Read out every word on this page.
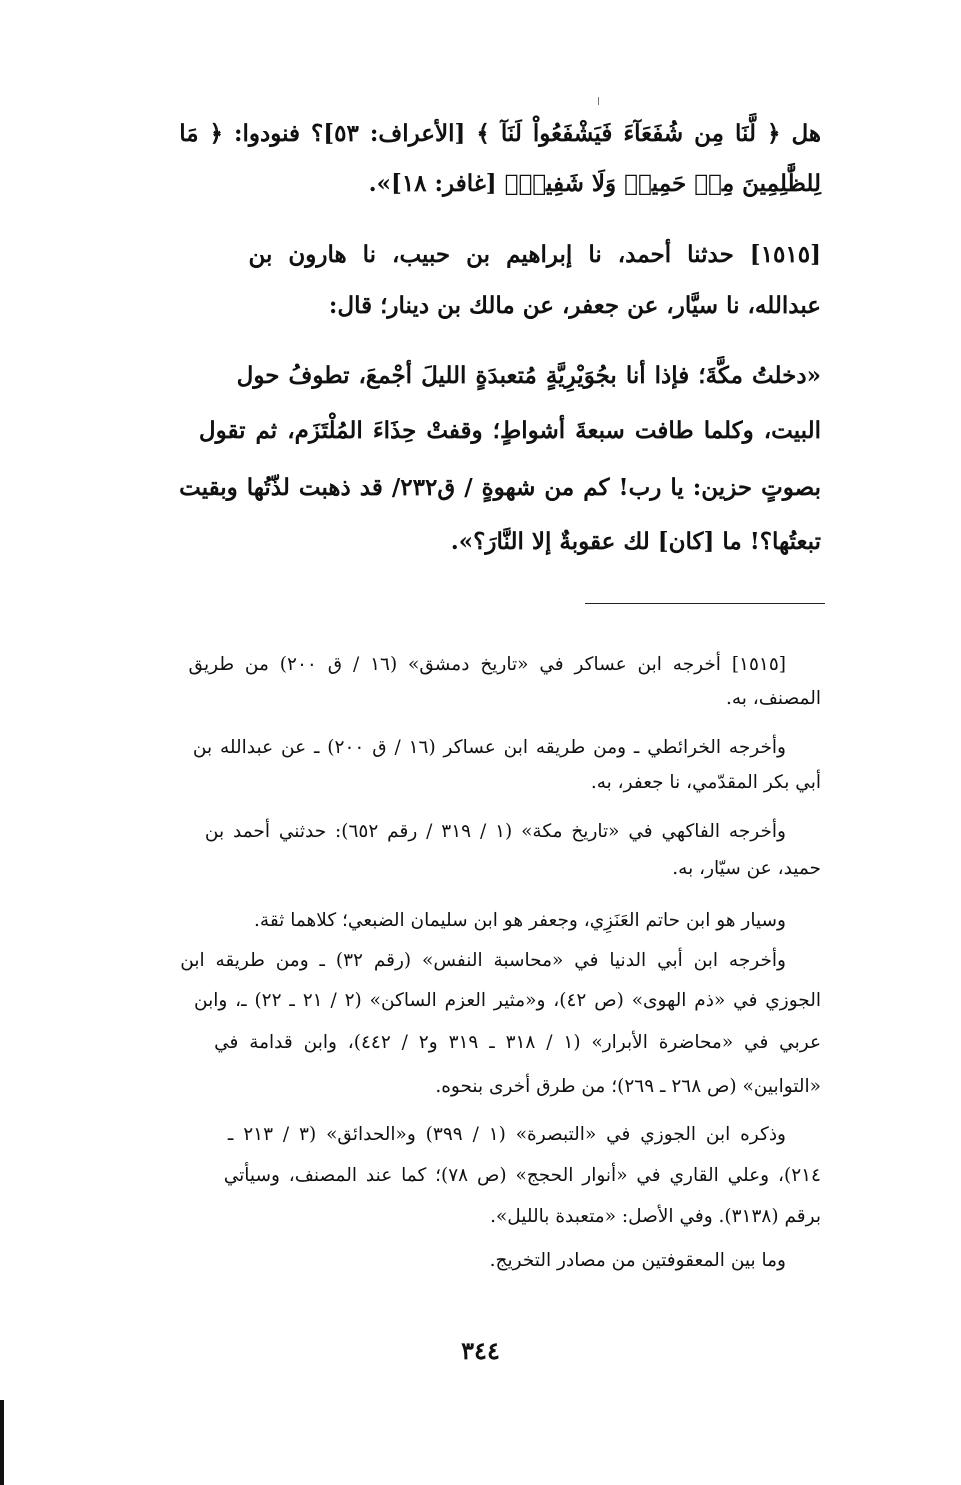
هل ﴿ لَّنَا مِن شُفَعَآءَ فَيَشْفَعُواْ لَنَآ ﴾ [الأعراف: ٥٣]؟ فنودوا: ﴿ مَا
لِلظَّٰلِمِينَ مِنۡ حَمِيمٖ وَلَا شَفِيعٖ﴾ [غافر: ١٨]».
[١٥١٥] حدثنا أحمد، نا إبراهيم بن حبيب، نا هارون بن
عبدالله، نا سيَّار، عن جعفر، عن مالك بن دينار؛ قال:
«دخلتُ مكَّةَ؛ فإذا أنا بجُوَيْرِيَّةٍ مُتعبدَةٍ الليلَ أجْمعَ، تطوفُ حول
البيت، وكلما طافت سبعةَ أشواطٍ؛ وقفتْ حِذَاءَ المُلْتَزَم، ثم تقول
بصوتٍ حزين: يا رب! كم من شهوةٍ / ق٢٣٢/ قد ذهبت لذّتُها وبقيت
تبعتُها؟! ما [كان] لك عقوبةٌ إلا النَّارَ؟».
[١٥١٥] أخرجه ابن عساكر في «تاريخ دمشق» (١٦ / ق ٢٠٠) من طريق
المصنف، به.
وأخرجه الخرائطي ـ ومن طريقه ابن عساكر (١٦ / ق ٢٠٠) ـ عن عبدالله بن
أبي بكر المقدّمي، نا جعفر، به.
وأخرجه الفاكهي في «تاريخ مكة» (١ / ٣١٩ / رقم ٦٥٢): حدثني أحمد بن
حميد، عن سيّار، به.
وسيار هو ابن حاتم العَنَزِي، وجعفر هو ابن سليمان الضبعي؛ كلاهما ثقة.
وأخرجه ابن أبي الدنيا في «محاسبة النفس» (رقم ٣٢) ـ ومن طريقه ابن
الجوزي في «ذم الهوى» (ص ٤٢)، و«مثير العزم الساكن» (٢ / ٢١ ـ ٢٢) ـ، وابن
عربي في «محاضرة الأبرار» (١ / ٣١٨ ـ ٣١٩ و٢ / ٤٤٢)، وابن قدامة في
«التوابين» (ص ٢٦٨ ـ ٢٦٩)؛ من طرق أخرى بنحوه.
وذكره ابن الجوزي في «التبصرة» (١ / ٣٩٩) و«الحدائق» (٣ / ٢١٣ ـ
٢١٤)، وعلي القاري في «أنوار الحجج» (ص ٧٨)؛ كما عند المصنف، وسيأتي
برقم (٣١٣٨). وفي الأصل: «متعبدة بالليل».
وما بين المعقوفتين من مصادر التخريج.
٣٤٤
